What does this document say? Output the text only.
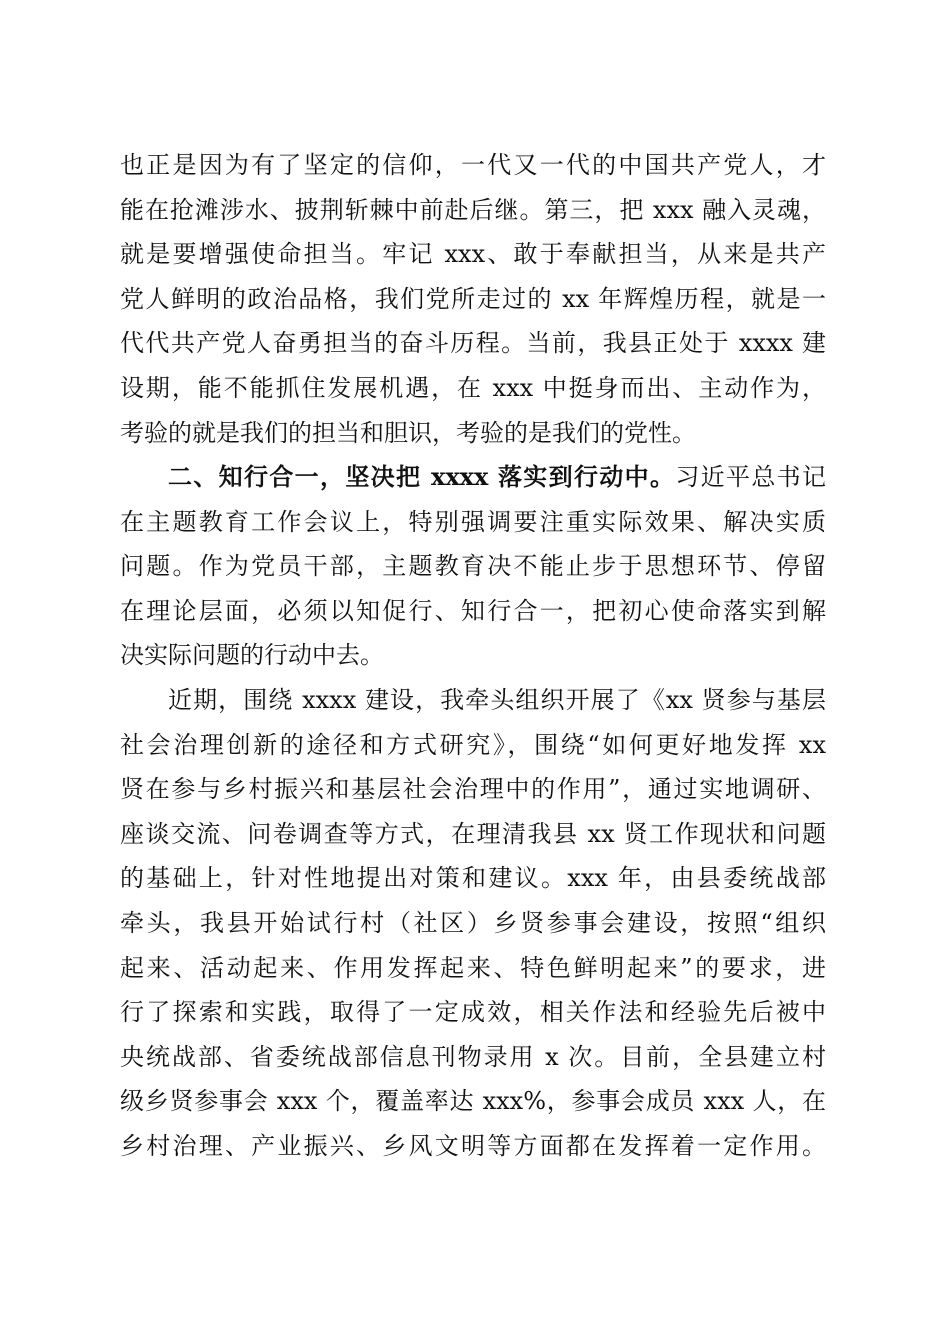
也正是因为有了坚定的信仰，一代又一代的中国共产党人，才
能在抢滩涉水、披荆斩棘中前赴后继。第三，把 xxx 融入灵魂，
就是要增强使命担当。牢记 xxx、敢于奉献担当，从来是共产
党人鲜明的政治品格，我们党所走过的 xx 年辉煌历程，就是一
代代共产党人奋勇担当的奋斗历程。当前，我县正处于 xxxx 建
设期，能不能抓住发展机遇，在 xxx 中挺身而出、主动作为，
考验的就是我们的担当和胆识，考验的是我们的党性。
二、知行合一，坚决把 xxxx 落实到行动中。习近平总书记
在主题教育工作会议上，特别强调要注重实际效果、解决实质
问题。作为党员干部，主题教育决不能止步于思想环节、停留
在理论层面，必须以知促行、知行合一，把初心使命落实到解
决实际问题的行动中去。
近期，围绕 xxxx 建设，我牵头组织开展了《xx 贤参与基层
社会治理创新的途径和方式研究》，围绕“如何更好地发挥 xx
贤在参与乡村振兴和基层社会治理中的作用”，通过实地调研、
座谈交流、问卷调查等方式，在理清我县 xx 贤工作现状和问题
的基础上，针对性地提出对策和建议。xxx 年，由县委统战部
牵头，我县开始试行村（社区）乡贤参事会建设，按照“组织
起来、活动起来、作用发挥起来、特色鲜明起来”的要求，进
行了探索和实践，取得了一定成效，相关作法和经验先后被中
央统战部、省委统战部信息刊物录用 x 次。目前，全县建立村
级乡贤参事会 xxx 个，覆盖率达 xxx%，参事会成员 xxx 人，在
乡村治理、产业振兴、乡风文明等方面都在发挥着一定作用。
